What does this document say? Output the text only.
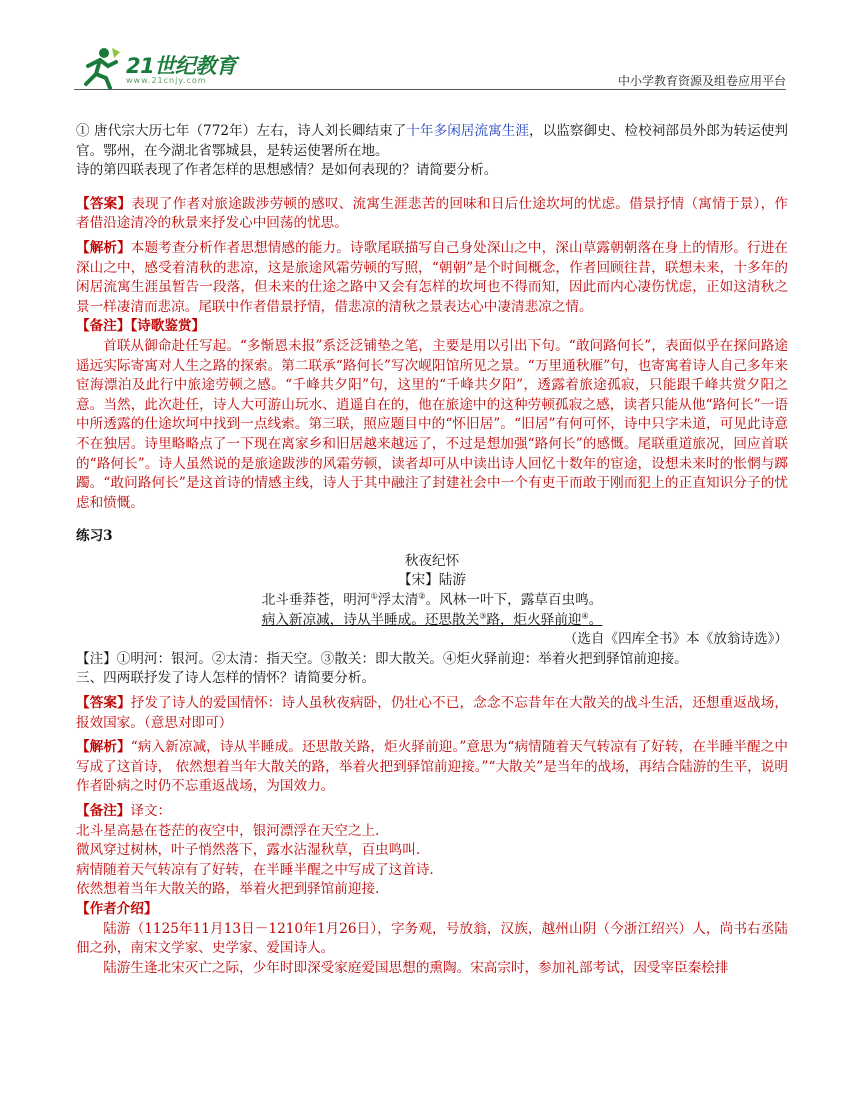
21世纪教育
www.21cnjy.com	中小学教育资源及组卷应用平台

① 唐代宗大历七年（772年）左右，诗人刘长卿结束了十年多闲居流寓生涯，以监察御史、检校祠部员外郎为转运使判官。鄂州，在今湖北省鄂城县，是转运使署所在地。

诗的第四联表现了作者怎样的思想感情？是如何表现的？请简要分析。

【答案】表现了作者对旅途跋涉劳顿的感叹、流寓生涯悲苦的回味和日后仕途坎坷的忧虑。借景抒情（寓情于景），作者借沿途清冷的秋景来抒发心中回荡的忧思。

【解析】本题考查分析作者思想情感的能力。诗歌尾联描写自己身处深山之中，深山草露朝朝落在身上的情形。行进在深山之中，感受着清秋的悲凉，这是旅途风霜劳顿的写照，“朝朝”是个时间概念，作者回顾往昔，联想未来，十多年的闲居流寓生涯虽暂告一段落，但未来的仕途之路中又会有怎样的坎坷也不得而知，因此而内心凄伤忧虑，正如这清秋之景一样凄清而悲凉。尾联中作者借景抒情，借悲凉的清秋之景表达心中凄清悲凉之情。

【备注】【诗歌鉴赏】

首联从御命赴任写起。“多惭恩未报”系泛泛铺垫之笔，主要是用以引出下句。“敢问路何长”，表面似乎在探问路途遥远实际寄寓对人生之路的探索。第二联承“路何长”写次岘阳馆所见之景。“万里通秋雁”句，也寄寓着诗人自己多年来宦海漂泊及此行中旅途劳顿之感。“千峰共夕阳”句，这里的“千峰共夕阳”，透露着旅途孤寂，只能跟千峰共赏夕阳之意。当然，此次赴任，诗人大可游山玩水、逍遥自在的，他在旅途中的这种劳顿孤寂之感，读者只能从他“路何长”一语中所透露的仕途坎坷中找到一点线索。第三联，照应题目中的“怀旧居”。“旧居”有何可怀，诗中只字未道，可见此诗意不在独居。诗里略略点了一下现在离家乡和旧居越来越远了，不过是想加强“路何长”的感慨。尾联重道旅况，回应首联的“路何长”。诗人虽然说的是旅途跋涉的风霜劳顿，读者却可从中读出诗人回忆十数年的宦途，设想未来时的怅惘与踯躅。“敢问路何长”是这首诗的情感主线，诗人于其中融注了封建社会中一个有吏干而敢于刚而犯上的正直知识分子的忧虑和愤慨。

练习3

秋夜纪怀

【宋】陆游

北斗垂莽苍，明河①浮太清②。风林一叶下，露草百虫鸣。

病入新凉减，诗从半睡成。还思散关③路，炬火驿前迎④。

（选自《四库全书》本《放翁诗选》）

【注】①明河：银河。②太清：指天空。③散关：即大散关。④炬火驿前迎：举着火把到驿馆前迎接。

三、四两联抒发了诗人怎样的情怀？请简要分析。

【答案】抒发了诗人的爱国情怀：诗人虽秋夜病卧，仍壮心不已，念念不忘昔年在大散关的战斗生活，还想重返战场，报效国家。（意思对即可）

【解析】“病入新凉减，诗从半睡成。还思散关路，炬火驿前迎。”意思为“病情随着天气转凉有了好转，在半睡半醒之中写成了这首诗， 依然想着当年大散关的路，举着火把到驿馆前迎接。”“大散关”是当年的战场，再结合陆游的生平，说明作者卧病之时仍不忘重返战场，为国效力。

【备注】译文：

北斗星高悬在苍茫的夜空中，银河漂浮在天空之上.

微风穿过树林，叶子悄然落下，露水沾湿秋草，百虫鸣叫.

病情随着天气转凉有了好转，在半睡半醒之中写成了这首诗.

依然想着当年大散关的路，举着火把到驿馆前迎接.

【作者介绍】

陆游（1125年11月13日－1210年1月26日），字务观，号放翁，汉族，越州山阴（今浙江绍兴）人，尚书右丞陆佃之孙，南宋文学家、史学家、爱国诗人。

陆游生逢北宋灭亡之际，少年时即深受家庭爱国思想的熏陶。宋高宗时，参加礼部考试，因受宰臣秦桧排
